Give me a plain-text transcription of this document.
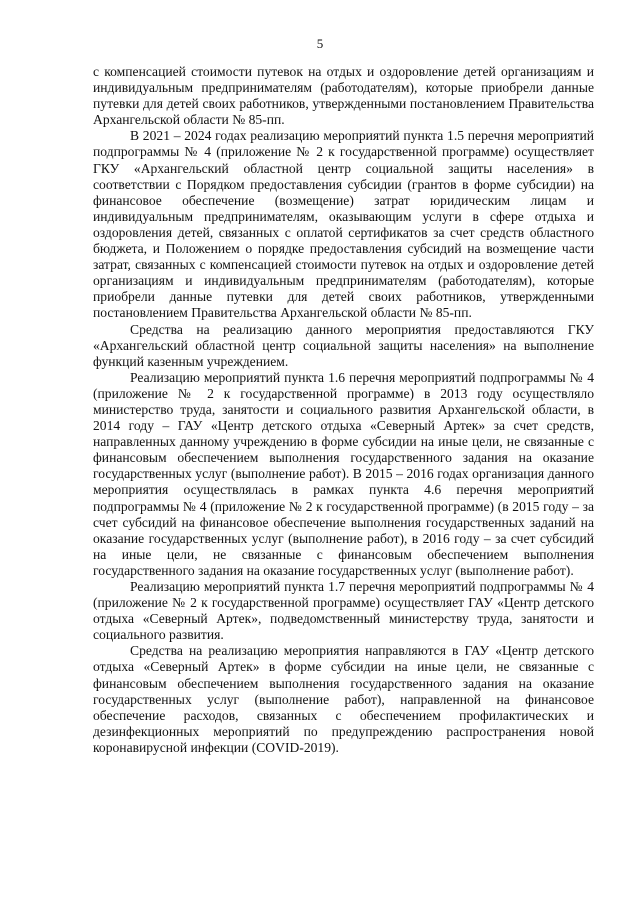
5

с компенсацией стоимости путевок на отдых и оздоровление детей организациям и индивидуальным предпринимателям (работодателям), которые приобрели данные путевки для детей своих работников, утвержденными постановлением Правительства Архангельской области № 85-пп.

В 2021 – 2024 годах реализацию мероприятий пункта 1.5 перечня мероприятий подпрограммы № 4 (приложение № 2 к государственной программе) осуществляет ГКУ «Архангельский областной центр социальной защиты населения» в соответствии с Порядком предоставления субсидии (грантов в форме субсидии) на финансовое обеспечение (возмещение) затрат юридическим лицам и индивидуальным предпринимателям, оказывающим услуги в сфере отдыха и оздоровления детей, связанных с оплатой сертификатов за счет средств областного бюджета, и Положением о порядке предоставления субсидий на возмещение части затрат, связанных с компенсацией стоимости путевок на отдых и оздоровление детей организациям и индивидуальным предпринимателям (работодателям), которые приобрели данные путевки для детей своих работников, утвержденными постановлением Правительства Архангельской области № 85-пп.

Средства на реализацию данного мероприятия предоставляются ГКУ «Архангельский областной центр социальной защиты населения» на выполнение функций казенным учреждением.

Реализацию мероприятий пункта 1.6 перечня мероприятий подпрограммы № 4 (приложение № 2 к государственной программе) в 2013 году осуществляло министерство труда, занятости и социального развития Архангельской области, в 2014 году – ГАУ «Центр детского отдыха «Северный Артек» за счет средств, направленных данному учреждению в форме субсидии на иные цели, не связанные с финансовым обеспечением выполнения государственного задания на оказание государственных услуг (выполнение работ). В 2015 – 2016 годах организация данного мероприятия осуществлялась в рамках пункта 4.6 перечня мероприятий подпрограммы № 4 (приложение № 2 к государственной программе) (в 2015 году – за счет субсидий на финансовое обеспечение выполнения государственных заданий на оказание государственных услуг (выполнение работ), в 2016 году – за счет субсидий на иные цели, не связанные с финансовым обеспечением выполнения государственного задания на оказание государственных услуг (выполнение работ).

Реализацию мероприятий пункта 1.7 перечня мероприятий подпрограммы № 4 (приложение № 2 к государственной программе) осуществляет ГАУ «Центр детского отдыха «Северный Артек», подведомственный министерству труда, занятости и социального развития.

Средства на реализацию мероприятия направляются в ГАУ «Центр детского отдыха «Северный Артек» в форме субсидии на иные цели, не связанные с финансовым обеспечением выполнения государственного задания на оказание государственных услуг (выполнение работ), направленной на финансовое обеспечение расходов, связанных с обеспечением профилактических и дезинфекционных мероприятий по предупреждению распространения новой коронавирусной инфекции (COVID-2019).
